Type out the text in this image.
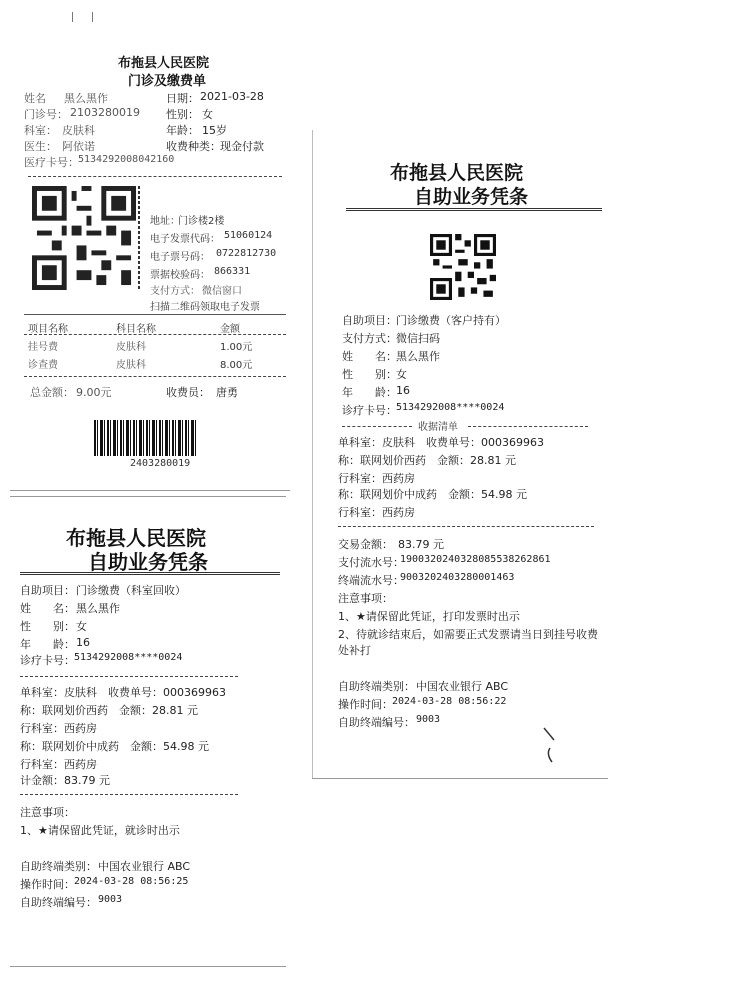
布拖县人民医院
门诊及缴费单
姓名 黑么黑作	日期： 2021-03-28
门诊号： 2103280019 性别： 女
科室： 皮肤科	年龄： 15岁
医生： 阿依诺	收费种类： 现金付款
医疗卡号： 5134292008042160
地址：
门诊楼2楼
电子发票代码： 51060124
电子票号码： 0722812730
票据校验码： 866331
支付方式： 微信窗口
扫描二维码领取电子发票
项目名称	科目名称	金额
挂号费	皮肤科	1.00元
诊查费	皮肤科	8.00元
总金额： 9.00元	收费员： 唐勇
2403280019
布拖县人民医院
自助业务凭条
自助项目： 门诊缴费（客户持有）
支付方式： 微信扫码
姓　　名： 黑么黑作
性　　别： 女
年　　龄： 16
诊疗卡号： 5134292008****0024
收据清单
单科室：皮肤科　收费单号：000369963
称：联网划价西药　金额：28.81 元
行科室：西药房
称：联网划价中成药　金额：54.98 元
行科室：西药房
交易金额： 83.79 元
支付流水号：
1900320240328085538262861
终端流水号：
9003202403280001463
注意事项：
1、★请保留此凭证，打印发票时出示
2、待就诊结束后，如需要正式发票请当日到挂号收费
处补打
自助终端类别： 中国农业银行 ABC
操作时间： 2024-03-28 08:56:22
自助终端编号： 9003
布拖县人民医院
自助业务凭条
自助项目： 门诊缴费（科室回收）
姓　　名： 黑么黑作
性　　别： 女
年　　龄： 16
诊疗卡号： 5134292008****0024
单科室：皮肤科　收费单号：000369963
称：联网划价西药　金额：28.81 元
行科室：西药房
称：联网划价中成药　金额：54.98 元
行科室：西药房
计金额：83.79 元
注意事项：
1、★请保留此凭证，就诊时出示
自助终端类别： 中国农业银行 ABC
操作时间： 2024-03-28 08:56:25
自助终端编号： 9003
